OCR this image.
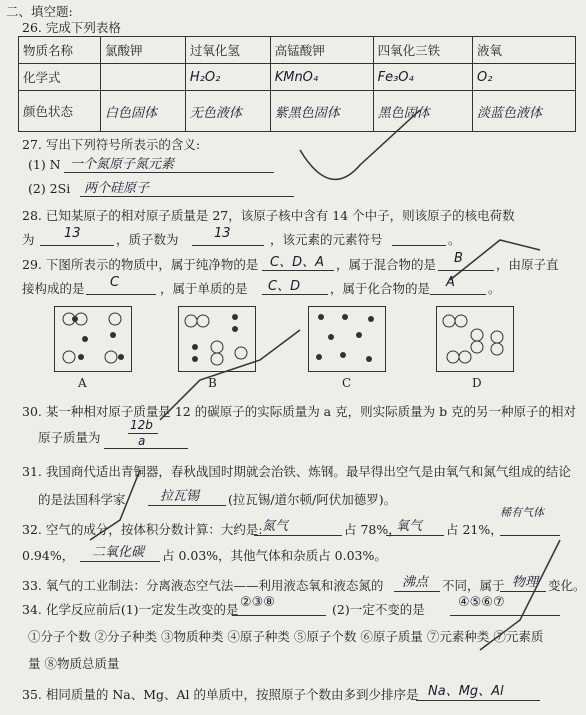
二、填空题:
26. 完成下列表格
物质名称	氯酸钾	过氧化氢	高锰酸钾	四氧化三铁	液氧
化学式		H₂O₂	KMnO₄	Fe₃O₄	O₂
颜色状态	白色固体	无色液体	紫黑色固体	黑色固体	淡蓝色液体
27. 写出下列符号所表示的含义:
(1) N 一个氮原子氮元素
(2) 2Si 两个硅原子
28. 已知某原子的相对原子质量是 27，该原子核中含有 14 个中子，则该原子的核电荷数
为 13	，质子数为	13	，该元素的元素符号	。
29. 下图所表示的物质中，属于纯净物的是 C、D、A ，属于混合物的是 B	，由原子直
接构成的是 C	，属于单质的是 C、D ，属于化合物的是 A	。
A	B	C	D
30. 某一种相对原子质量是 12 的碳原子的实际质量为 a 克，则实际质量为 b 克的另一种原子的相对
原子质量为
12b
a
31. 我国商代适出青铜器，春秋战国时期就会治铁、炼钢。最早得出空气是由氧气和氮气组成的结论
的是法国科学家	拉瓦锡 (拉瓦锡/道尔顿/阿伏加德罗)。
32. 空气的成分，按体积分数计算：大约是: 氮气	占 78%，
氧气 占 21%，
稀有气体
0.94%， 二氧化碳 占 0.03%，其他气体和杂质占 0.03%。
33. 氧气的工业制法：分离液态空气法——利用液态氧和液态氮的 沸点 不同，属于 物理 变化。
34. 化学反应前后(1)一定发生改变的是 ②③⑧	(2)一定不变的是	④⑤⑥⑦
①分子个数 ②分子种类 ③物质种类 ④原子种类 ⑤原子个数 ⑥原子质量 ⑦元素种类 ⑦元素质
量 ⑧物质总质量
35. 相同质量的 Na、Mg、Al 的单质中，按照原子个数由多到少排序是 Na、Mg、Al
